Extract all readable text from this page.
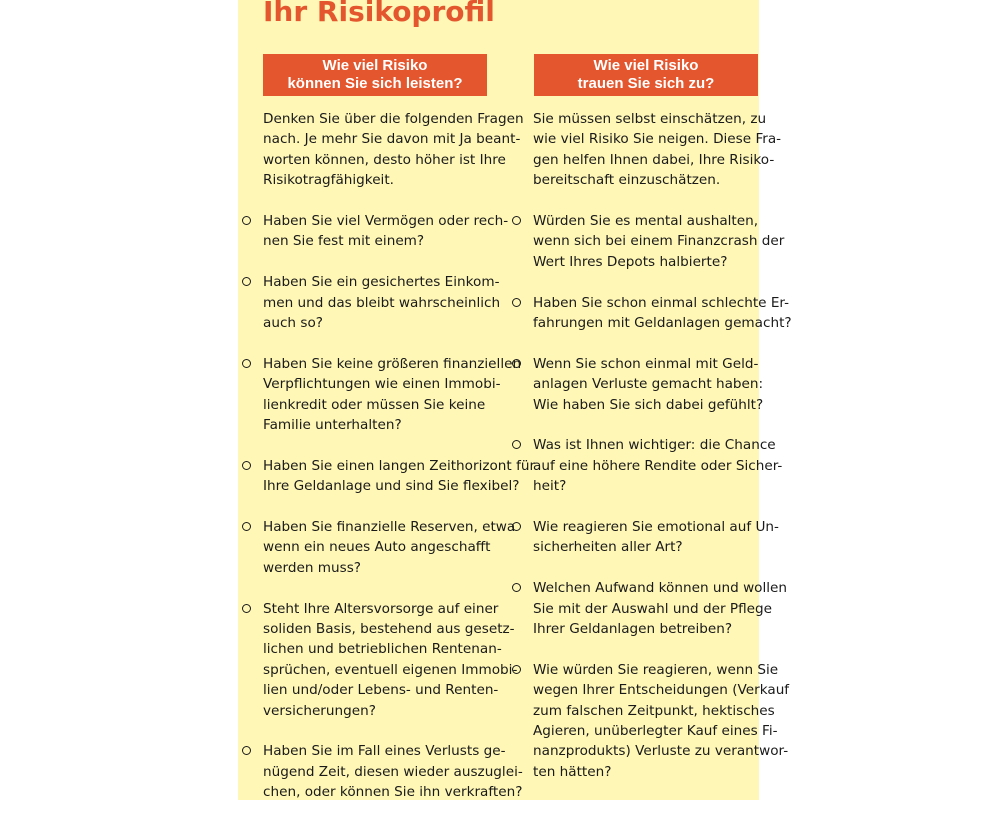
Ihr Risikoprofil
Wie viel Risiko
können Sie sich leisten?
Wie viel Risiko
trauen Sie sich zu?
Denken Sie über die folgenden Fragen
nach. Je mehr Sie davon mit Ja beant-
worten können, desto höher ist Ihre
Risikotragfähigkeit.
Haben Sie viel Vermögen oder rech-
nen Sie fest mit einem?
Haben Sie ein gesichertes Einkom-
men und das bleibt wahrscheinlich
auch so?
Haben Sie keine größeren finanziellen
Verpflichtungen wie einen Immobi-
lienkredit oder müssen Sie keine
Familie unterhalten?
Haben Sie einen langen Zeithorizont für
Ihre Geldanlage und sind Sie flexibel?
Haben Sie finanzielle Reserven, etwa
wenn ein neues Auto angeschafft
werden muss?
Steht Ihre Altersvorsorge auf einer
soliden Basis, bestehend aus gesetz-
lichen und betrieblichen Rentenan-
sprüchen, eventuell eigenen Immobi-
lien und/oder Lebens- und Renten-
versicherungen?
Haben Sie im Fall eines Verlusts ge-
nügend Zeit, diesen wieder auszuglei-
chen, oder können Sie ihn verkraften?
Sie müssen selbst einschätzen, zu
wie viel Risiko Sie neigen. Diese Fra-
gen helfen Ihnen dabei, Ihre Risiko-
bereitschaft einzuschätzen.
Würden Sie es mental aushalten,
wenn sich bei einem Finanzcrash der
Wert Ihres Depots halbierte?
Haben Sie schon einmal schlechte Er-
fahrungen mit Geldanlagen gemacht?
Wenn Sie schon einmal mit Geld-
anlagen Verluste gemacht haben:
Wie haben Sie sich dabei gefühlt?
Was ist Ihnen wichtiger: die Chance
auf eine höhere Rendite oder Sicher-
heit?
Wie reagieren Sie emotional auf Un-
sicherheiten aller Art?
Welchen Aufwand können und wollen
Sie mit der Auswahl und der Pflege
Ihrer Geldanlagen betreiben?
Wie würden Sie reagieren, wenn Sie
wegen Ihrer Entscheidungen (Verkauf
zum falschen Zeitpunkt, hektisches
Agieren, unüberlegter Kauf eines Fi-
nanzprodukts) Verluste zu verantwor-
ten hätten?
